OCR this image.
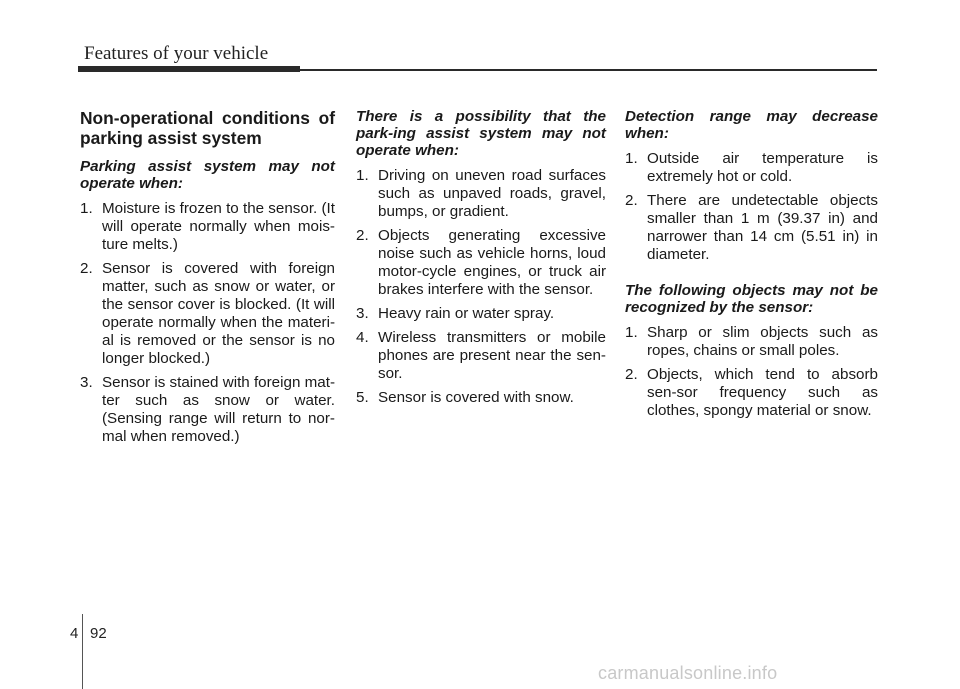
Features of your vehicle
Non-operational conditions of parking assist system
Parking assist system may not operate when:
1. Moisture is frozen to the sensor. (It will operate normally when mois-ture melts.)
2. Sensor is covered with foreign matter, such as snow or water, or the sensor cover is blocked. (It will operate normally when the materi-al is removed or the sensor is no longer blocked.)
3. Sensor is stained with foreign mat-ter such as snow or water. (Sensing range will return to nor-mal when removed.)
There is a possibility that the park-ing assist system may not operate when:
1. Driving on uneven road surfaces such as unpaved roads, gravel, bumps, or gradient.
2. Objects generating excessive noise such as vehicle horns, loud motor-cycle engines, or truck air brakes interfere with the sensor.
3. Heavy rain or water spray.
4. Wireless transmitters or mobile phones are present near the sen-sor.
5. Sensor is covered with snow.
Detection range may decrease when:
1. Outside air temperature is extremely hot or cold.
2. There are undetectable objects smaller than 1 m (39.37 in) and narrower than 14 cm (5.51 in) in diameter.
The following objects may not be recognized by the sensor:
1. Sharp or slim objects such as ropes, chains or small poles.
2. Objects, which tend to absorb sen-sor frequency such as clothes, spongy material or snow.
4 92
carmanualsonline.info
